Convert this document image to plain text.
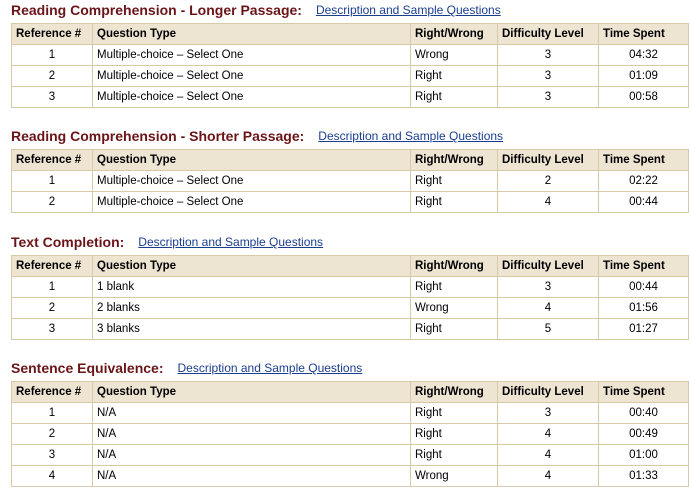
Reading Comprehension - Longer Passage: Description and Sample Questions
Reference #	Question Type	Right/Wrong	Difficulty Level	Time Spent
1	Multiple-choice – Select One	Wrong	3	04:32
2	Multiple-choice – Select One	Right	3	01:09
3	Multiple-choice – Select One	Right	3	00:58
Reading Comprehension - Shorter Passage: Description and Sample Questions
Reference #	Question Type	Right/Wrong	Difficulty Level	Time Spent
1	Multiple-choice – Select One	Right	2	02:22
2	Multiple-choice – Select One	Right	4	00:44
Text Completion: Description and Sample Questions
Reference #	Question Type	Right/Wrong	Difficulty Level	Time Spent
1	1 blank	Right	3	00:44
2	2 blanks	Wrong	4	01:56
3	3 blanks	Right	5	01:27
Sentence Equivalence: Description and Sample Questions
Reference #	Question Type	Right/Wrong	Difficulty Level	Time Spent
1	N/A	Right	3	00:40
2	N/A	Right	4	00:49
3	N/A	Right	4	01:00
4	N/A	Wrong	4	01:33
